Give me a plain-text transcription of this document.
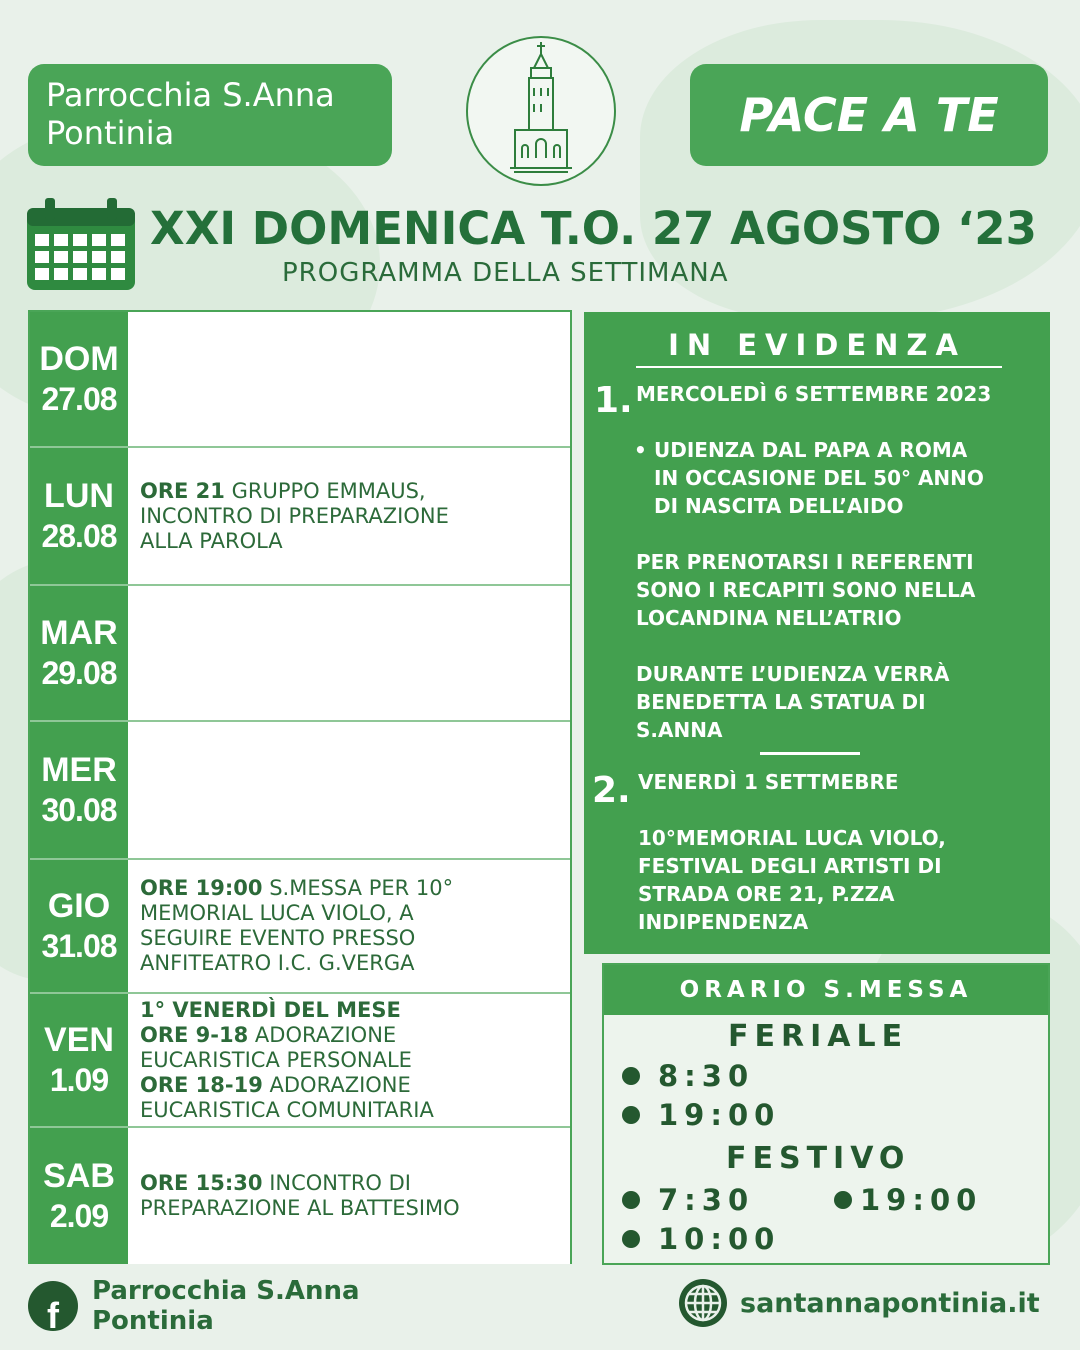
Parrocchia S.Anna
Pontinia	PACE A TE
XXI DOMENICA T.O. 27 AGOSTO ‘23
PROGRAMMA DELLA SETTIMANA
DOM
27.08
LUN
28.08
ORE 21 GRUPPO EMMAUS,
INCONTRO DI PREPARAZIONE
ALLA PAROLA
MAR
29.08
MER
30.08
GIO
31.08
ORE 19:00 S.MESSA PER 10°
MEMORIAL LUCA VIOLO, A
SEGUIRE EVENTO PRESSO
ANFITEATRO I.C. G.VERGA
VEN
1.09
1° VENERDÌ DEL MESE
ORE 9-18 ADORAZIONE
EUCARISTICA PERSONALE
ORE 18-19 ADORAZIONE
EUCARISTICA COMUNITARIA
SAB
2.09
ORE 15:30 INCONTRO DI
PREPARAZIONE AL BATTESIMO
IN EVIDENZA
1. MERCOLEDÌ 6 SETTEMBRE 2023
• UDIENZA DAL PAPA A ROMA
IN OCCASIONE DEL 50° ANNO
DI NASCITA DELL’AIDO
PER PRENOTARSI I REFERENTI
SONO I RECAPITI SONO NELLA
LOCANDINA NELL’ATRIO
DURANTE L’UDIENZA VERRÀ
BENEDETTA LA STATUA DI
S.ANNA
2. VENERDÌ 1 SETTMEBRE
10°MEMORIAL LUCA VIOLO,
FESTIVAL DEGLI ARTISTI DI
STRADA ORE 21, P.ZZA
INDIPENDENZA
ORARIO S.MESSA
FERIALE
8:30
19:00
FESTIVO
7:30	19:00
10:00
f
Parrocchia S.Anna
Pontinia
santannapontinia.it
